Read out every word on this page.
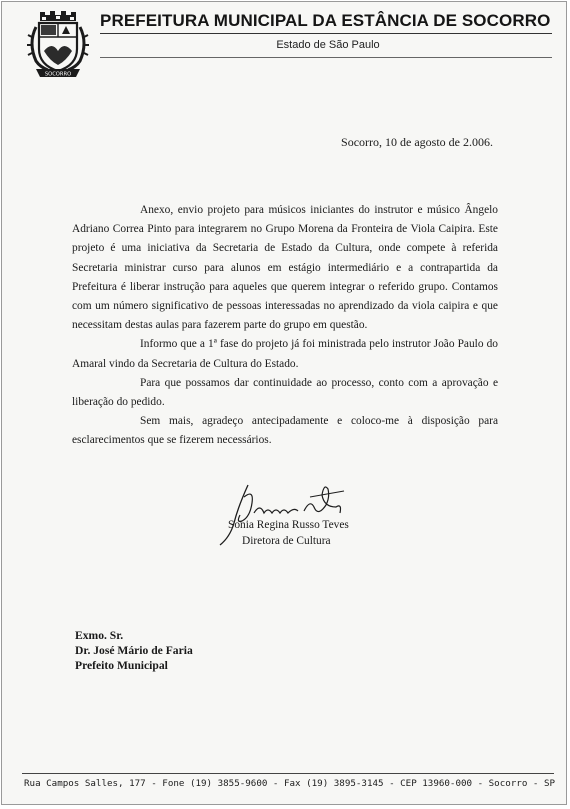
SOCORRO
PREFEITURA MUNICIPAL DA ESTÂNCIA DE SOCORRO
Estado de São Paulo
Socorro, 10 de agosto de 2.006.

Anexo, envio projeto para músicos iniciantes do instrutor e músico Ângelo Adriano Correa Pinto para integrarem no Grupo Morena da Fronteira de Viola Caipira. Este projeto é uma iniciativa da Secretaria de Estado da Cultura, onde compete à referida Secretaria ministrar curso para alunos em estágio intermediário e a contrapartida da Prefeitura é liberar instrução para aqueles que querem integrar o referido grupo. Contamos com um número significativo de pessoas interessadas no aprendizado da viola caipira e que necessitam destas aulas para fazerem parte do grupo em questão.

Informo que a 1ª fase do projeto já foi ministrada pelo instrutor João Paulo do Amaral vindo da Secretaria de Cultura do Estado.

Para que possamos dar continuidade ao processo, conto com a aprovação e liberação do pedido.

Sem mais, agradeço antecipadamente e coloco-me à disposição para esclarecimentos que se fizerem necessários.

Sonia Regina Russo Teves
Diretora de Cultura
Exmo. Sr.
Dr. José Mário de Faria
Prefeito Municipal
Rua Campos Salles, 177 - Fone (19) 3855-9600 - Fax (19) 3895-3145 - CEP 13960-000 - Socorro - SP
